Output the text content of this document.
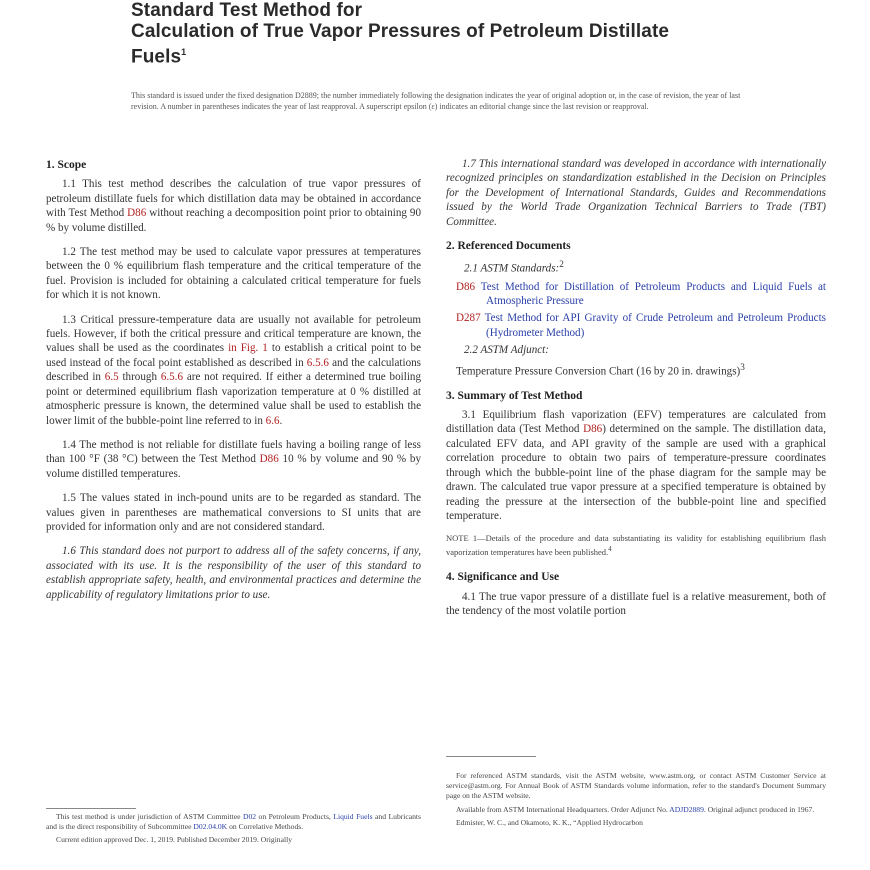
Standard Test Method for
Calculation of True Vapor Pressures of Petroleum Distillate
Fuels$^1$
This standard is issued under the fixed designation D2889; the number immediately following the designation indicates the year of original adoption or, in the case of revision, the year of last revision. A number in parentheses indicates the year of last reapproval. A superscript epsilon (ε) indicates an editorial change since the last revision or reapproval.
1. Scope

1.1 This test method describes the calculation of true vapor pressures of petroleum distillate fuels for which distillation data may be obtained in accordance with Test Method D86 without reaching a decomposition point prior to obtaining 90 % by volume distilled.

1.2 The test method may be used to calculate vapor pressures at temperatures between the 0 % equilibrium flash temperature and the critical temperature of the fuel. Provision is included for obtaining a calculated critical temperature for fuels for which it is not known.

1.3 Critical pressure-temperature data are usually not available for petroleum fuels. However, if both the critical pressure and critical temperature are known, the values shall be used as the coordinates in Fig. 1 to establish a critical point to be used instead of the focal point established as described in 6.5.6 and the calculations described in 6.5 through 6.5.6 are not required. If either a determined true boiling point or determined equilibrium flash vaporization temperature at 0 % distilled at atmospheric pressure is known, the determined value shall be used to establish the lower limit of the bubble-point line referred to in 6.6.

1.4 The method is not reliable for distillate fuels having a boiling range of less than 100 °F (38 °C) between the Test Method D86 10 % by volume and 90 % by volume distilled temperatures.

1.5 The values stated in inch-pound units are to be regarded as standard. The values given in parentheses are mathematical conversions to SI units that are provided for information only and are not considered standard.

1.6 This standard does not purport to address all of the safety concerns, if any, associated with its use. It is the responsibility of the user of this standard to establish appropriate safety, health, and environmental practices and determine the applicability of regulatory limitations prior to use.

This test method is under jurisdiction of ASTM Committee D02 on Petroleum Products, Liquid Fuels and Lubricants and is the direct responsibility of Subcommittee D02.04.0K on Correlative Methods.

Current edition approved Dec. 1, 2019. Published December 2019. Originally

1.7 This international standard was developed in accordance with internationally recognized principles on standardization established in the Decision on Principles for the Development of International Standards, Guides and Recommendations issued by the World Trade Organization Technical Barriers to Trade (TBT) Committee.

2. Referenced Documents

2.1 ASTM Standards:$^2$

D86 Test Method for Distillation of Petroleum Products and Liquid Fuels at Atmospheric Pressure

D287 Test Method for API Gravity of Crude Petroleum and Petroleum Products (Hydrometer Method)

2.2 ASTM Adjunct:

Temperature Pressure Conversion Chart (16 by 20 in. drawings)$^3$

3. Summary of Test Method

3.1 Equilibrium flash vaporization (EFV) temperatures are calculated from distillation data (Test Method D86) determined on the sample. The distillation data, calculated EFV data, and API gravity of the sample are used with a graphical correlation procedure to obtain two pairs of temperature-pressure coordinates through which the bubble-point line of the phase diagram for the sample may be drawn. The calculated true vapor pressure at a specified temperature is obtained by reading the pressure at the intersection of the bubble-point line and specified temperature.

NOTE 1—Details of the procedure and data substantiating its validity for establishing equilibrium flash vaporization temperatures have been published.$^4$

4. Significance and Use

4.1 The true vapor pressure of a distillate fuel is a relative measurement, both of the tendency of the most volatile portion

For referenced ASTM standards, visit the ASTM website, www.astm.org, or contact ASTM Customer Service at service@astm.org. For Annual Book of ASTM Standards volume information, refer to the standard's Document Summary page on the ASTM website.

Available from ASTM International Headquarters. Order Adjunct No. ADJD2889. Original adjunct produced in 1967.

Edmister, W. C., and Okamoto, K. K., “Applied Hydrocarbon
